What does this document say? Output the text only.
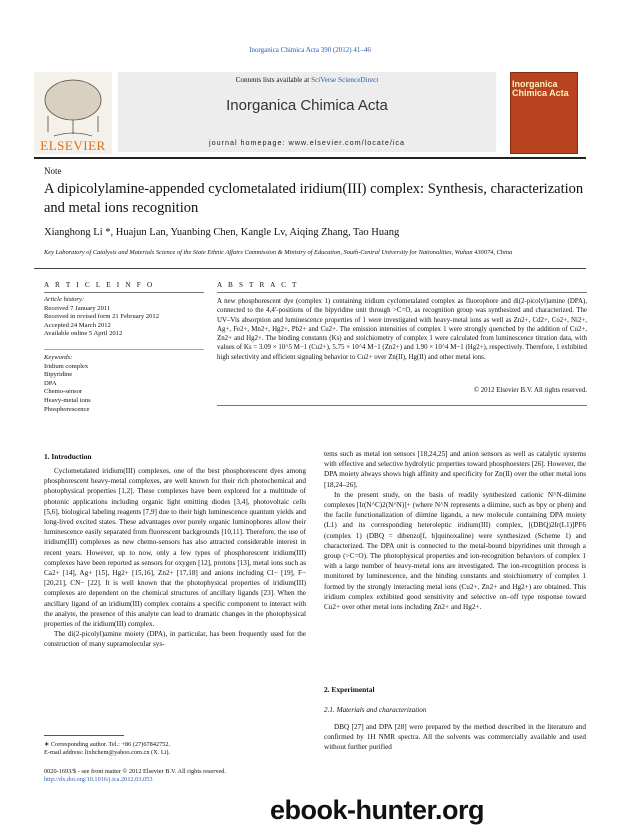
Inorganica Chimica Acta 390 (2012) 41–46
ELSEVIER
Contents lists available at SciVerse ScienceDirect
Inorganica Chimica Acta
journal homepage: www.elsevier.com/locate/ica
Inorganica Chimica Acta
Note
A dipicolylamine-appended cyclometalated iridium(III) complex: Synthesis, characterization and metal ions recognition
Xianghong Li *, Huajun Lan, Yuanbing Chen, Kangle Lv, Aiqing Zhang, Tao Huang
Key Laboratory of Catalysis and Materials Science of the State Ethnic Affairs Commission & Ministry of Education, South-Central University for Nationalities, Wuhan 430074, China
A R T I C L E I N F O	A B S T R A C T
Article history:
Received 7 January 2011
Received in revised form 21 February 2012
Accepted 24 March 2012
Available online 5 April 2012
Keywords:
Iridium complex
Bipyridine
DPA
Chemo-sensor
Heavy-metal ions
Phosphorescence
A new phosphorescent dye (complex 1) containing iridium cyclometalated complex as fluorophore and di(2-picolyl)amine (DPA), connected to the 4,4′-positions of the bipyridine unit through >C=O, as recognition group was synthesized and characterized. The UV–Vis absorption and luminescence properties of 1 were investigated with heavy-metal ions as well as Zn2+, Cd2+, Co2+, Ni2+, Ag+, Fe2+, Mn2+, Hg2+, Pb2+ and Cu2+. The emission intensities of complex 1 were strongly quenched by the addition of Cu2+, Zn2+ and Hg2+. The binding constants (Ks) and stoichiometry of complex 1 were calculated from luminescence titration data, with values of Ks = 3.09 × 10^5 M−1 (Cu2+), 5.75 × 10^4 M−1 (Zn2+) and 1.90 × 10^4 M−1 (Hg2+), respectively. Therefore, 1 exhibited high selectivity and efficient signaling behavior to Cu2+ over Zn(II), Hg(II) and other metal ions.
© 2012 Elsevier B.V. All rights reserved.
1. Introduction

Cyclometalated iridium(III) complexes, one of the best phosphorescent dyes among phosphorescent heavy-metal complexes, are well known for their rich photochemical and photophysical properties [1,2]. These complexes have been explored for a multitude of photonic applications including organic light emitting diodes [3,4], photovoltaic cells [5,6], biological labeling reagents [7,9] due to their high luminescence quantum yields and long-lived excited states. These advantages over purely organic luminophores allow their luminescence easily separated from fluorescent backgrounds [10,11]. Therefore, the use of iridium(III) complexes as new chemo-sensors has also attracted considerable interest in recent years. However, up to now, only a few types of phosphorescent iridium(III) complexes have been reported as sensors for oxygen [12], protons [13], metal ions such as Ca2+ [14], Ag+ [15], Hg2+ [15,16], Zn2+ [17,18] and anions including Cl− [19], F− [20,21], CN− [22]. It is well known that the photophysical properties of iridium(III) complexes are dependent on the chemical structures of ancillary ligands [23]. When the ancillary ligand of an iridium(III) complex contains a specific component to interact with the analyte, the presence of this analyte can lead to dramatic changes in the photophysical properties of the iridium(III) complex.

The di(2-picolyl)amine moiety (DPA), in particular, has been frequently used for the construction of many supramolecular sys-

tems such as metal ion sensors [18,24,25] and anion sensors as well as catalytic systems with effective and selective hydrolytic properties toward phosphoesters [26]. However, the DPA moiety always shows high affinity and specificity for Zn(II) over the other metal ions [18,24–26].

In the present study, on the basis of readily synthesized cationic N^N-diimine complexes [Ir(N^C)2(N^N)]+ (where N^N represents a diimine, such as bpy or phen) and the facile functionalization of diimine ligands, a new molecule containing DPA moiety (L1) and its corresponding heteroleptic iridium(III) complex, [(DBQ)2Ir(L1)]PF6 (complex 1) (DBQ = dibenzo[f, h]quinoxaline) were synthesized (Scheme 1) and characterized. The DPA unit is connected to the metal-bound bipyridines unit through a group (>C=O). The photophysical properties and ion-recognition behaviors of complex 1 with a large number of heavy-metal ions are investigated. The ion-recognition process is monitored by luminescence, and the binding constants and stoichiometry of complex 1 formed by the strongly interacting metal ions (Cu2+, Zn2+ and Hg2+) are obtained. This iridium complex exhibited good sensitivity and selective on–off type response toward Cu2+ over other metal ions including Zn2+ and Hg2+.

2. Experimental
2.1. Materials and characterization

DBQ [27] and DPA [28] were prepared by the method described in the literature and confirmed by 1H NMR spectra. All the solvents was commercially available and used without further purified

∗ Corresponding author. Tel.: +86 (27)67842752.
E-mail address: lixhchem@yahoo.com.cn (X. Li).
0020-1693/$ - see front matter © 2012 Elsevier B.V. All rights reserved.
http://dx.doi.org/10.1016/j.ica.2012.03.053
ebook-hunter.org
